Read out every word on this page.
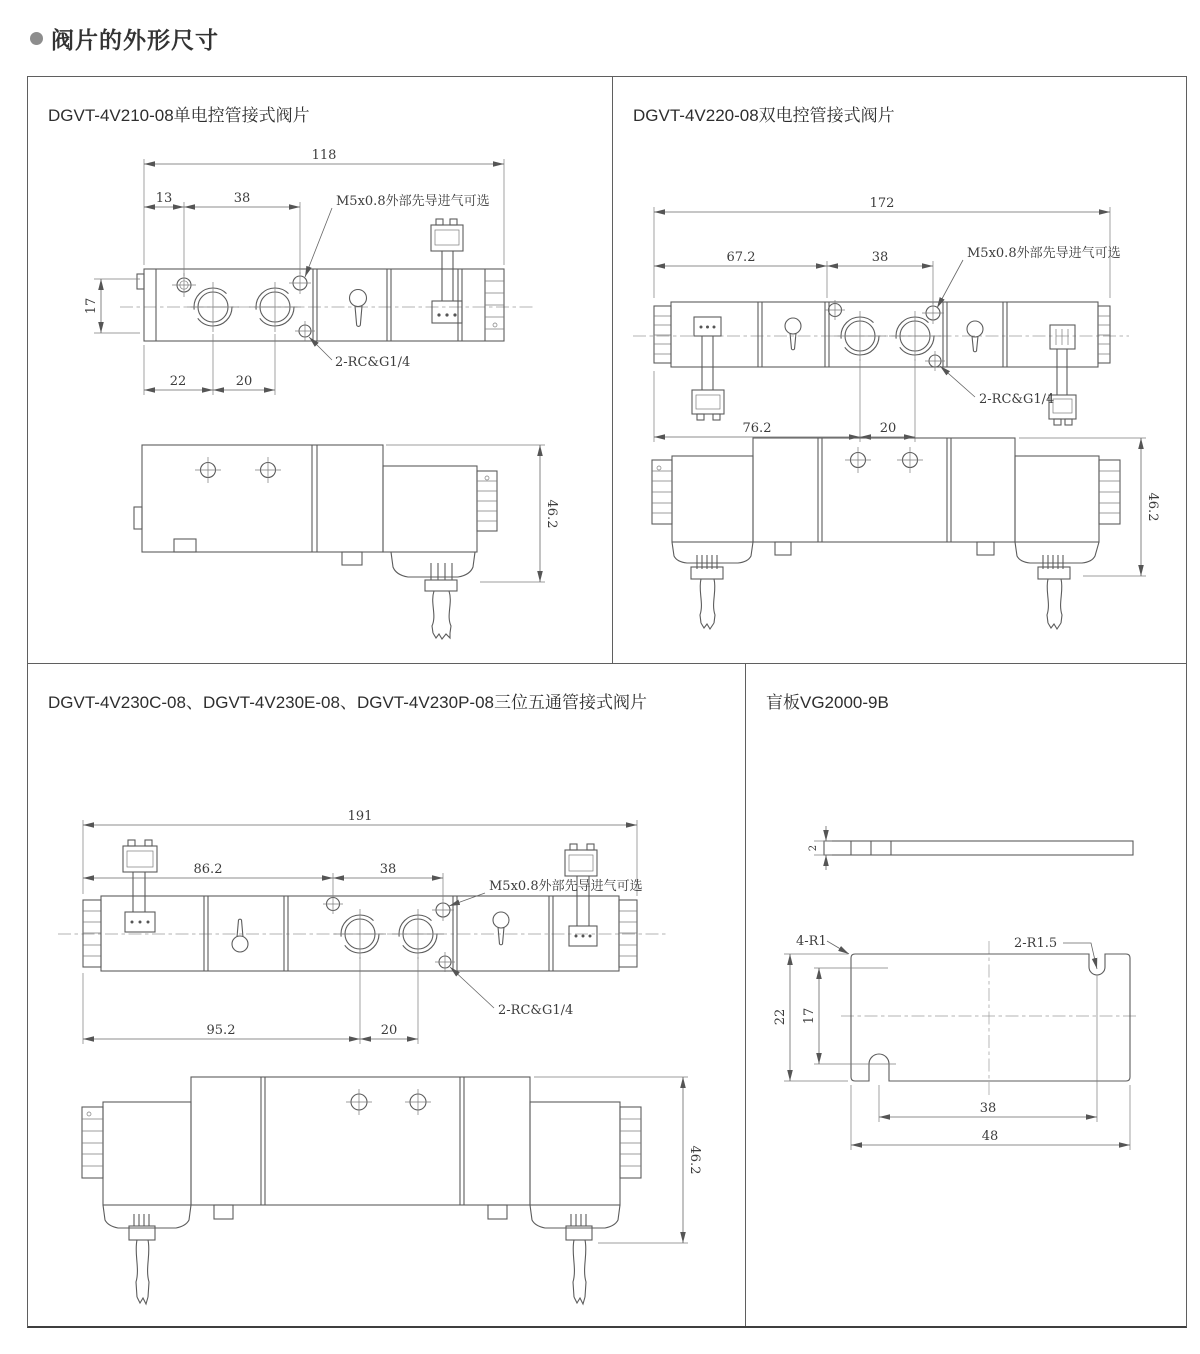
阀片的外形尺寸
DGVT-4V210-08单电控管接式阀片
118
13	38
17
22	20
M5x0.8外部先导进气可选
2-RC&G1/4
46.2
DGVT-4V220-08双电控管接式阀片
172
67.2	38
76.2	20
M5x0.8外部先导进气可选
2-RC&G1/4
46.2
DGVT-4V230C-08、DGVT-4V230E-08、DGVT-4V230P-08三位五通管接式阀片
191
86.2	38
95.2	20
M5x0.8外部先导进气可选
2-RC&G1/4
46.2
盲板VG2000-9B
2
4-R1	2-R1.5
22 17
38
48
